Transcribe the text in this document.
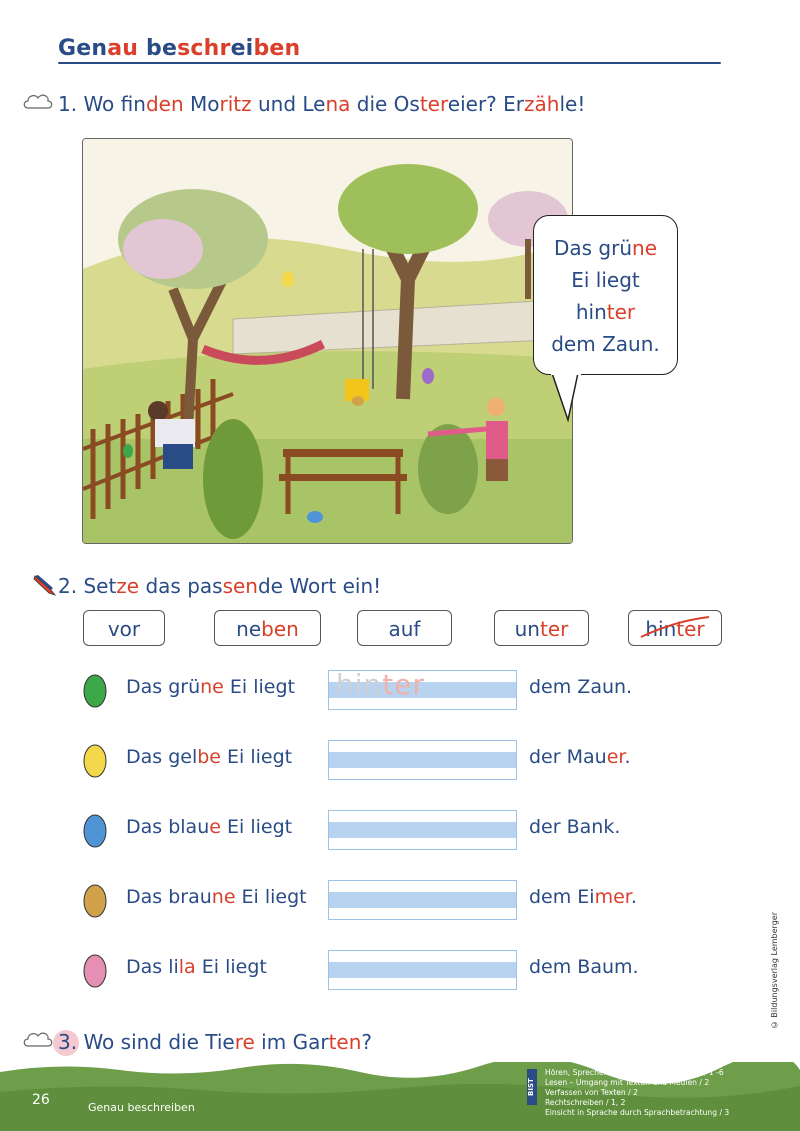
Genau beschreiben
1. Wo finden Moritz und Lena die Ostereier? Erzähle!
Das grüne
Ei liegt
hinter
dem Zaun.
2. Setze das passende Wort ein!
vor	neben	auf	unter	hinter
Das grüne Ei liegt hinter	dem Zaun.
Das gelbe Ei liegt	der Mauer.
Das blaue Ei liegt	der Bank.
Das braune Ei liegt	dem Eimer.
Das lila Ei liegt	dem Baum.
3. Wo sind die Tiere im Garten?
© Bildungsverlag Lemberger
26	Genau beschreiben
BIST
Hören, Sprechen und Miteinander- Reden / 1 -6
Lesen – Umgang mit Texten und Medien / 2
Verfassen von Texten / 2
Rechtschreiben / 1, 2
Einsicht in Sprache durch Sprachbetrachtung / 3
